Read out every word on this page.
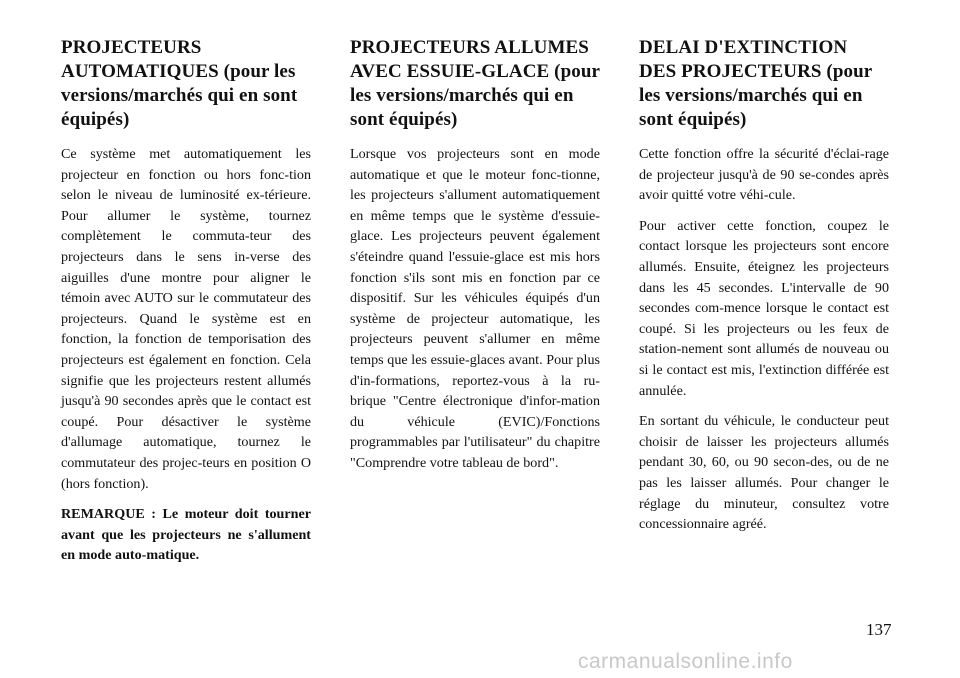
PROJECTEURS AUTOMATIQUES (pour les versions/marchés qui en sont équipés)

Ce système met automatiquement les projecteur en fonction ou hors fonc-tion selon le niveau de luminosité ex-térieure. Pour allumer le système, tournez complètement le commuta-teur des projecteurs dans le sens in-verse des aiguilles d'une montre pour aligner le témoin avec AUTO sur le commutateur des projecteurs. Quand le système est en fonction, la fonction de temporisation des projecteurs est également en fonction. Cela signifie que les projecteurs restent allumés jusqu'à 90 secondes après que le contact est coupé. Pour désactiver le système d'allumage automatique, tournez le commutateur des projec-teurs en position O (hors fonction).

REMARQUE : Le moteur doit tourner avant que les projecteurs ne s'allument en mode auto-matique.

PROJECTEURS ALLUMES AVEC ESSUIE-GLACE (pour les versions/marchés qui en sont équipés)

Lorsque vos projecteurs sont en mode automatique et que le moteur fonc-tionne, les projecteurs s'allument automatiquement en même temps que le système d'essuie-glace. Les projecteurs peuvent également s'éteindre quand l'essuie-glace est mis hors fonction s'ils sont mis en fonction par ce dispositif. Sur les véhicules équipés d'un système de projecteur automatique, les projecteurs peuvent s'allumer en même temps que les essuie-glaces avant. Pour plus d'in-formations, reportez-vous à la ru-brique "Centre électronique d'infor-mation du véhicule (EVIC)/Fonctions programmables par l'utilisateur" du chapitre "Comprendre votre tableau de bord".

DELAI D'EXTINCTION DES PROJECTEURS (pour les versions/marchés qui en sont équipés)

Cette fonction offre la sécurité d'éclai-rage de projecteur jusqu'à de 90 se-condes après avoir quitté votre véhi-cule.

Pour activer cette fonction, coupez le contact lorsque les projecteurs sont encore allumés. Ensuite, éteignez les projecteurs dans les 45 secondes. L'intervalle de 90 secondes com-mence lorsque le contact est coupé. Si les projecteurs ou les feux de station-nement sont allumés de nouveau ou si le contact est mis, l'extinction différée est annulée.

En sortant du véhicule, le conducteur peut choisir de laisser les projecteurs allumés pendant 30, 60, ou 90 secon-des, ou de ne pas les laisser allumés. Pour changer le réglage du minuteur, consultez votre concessionnaire agréé.

137
carmanualsonline.info
